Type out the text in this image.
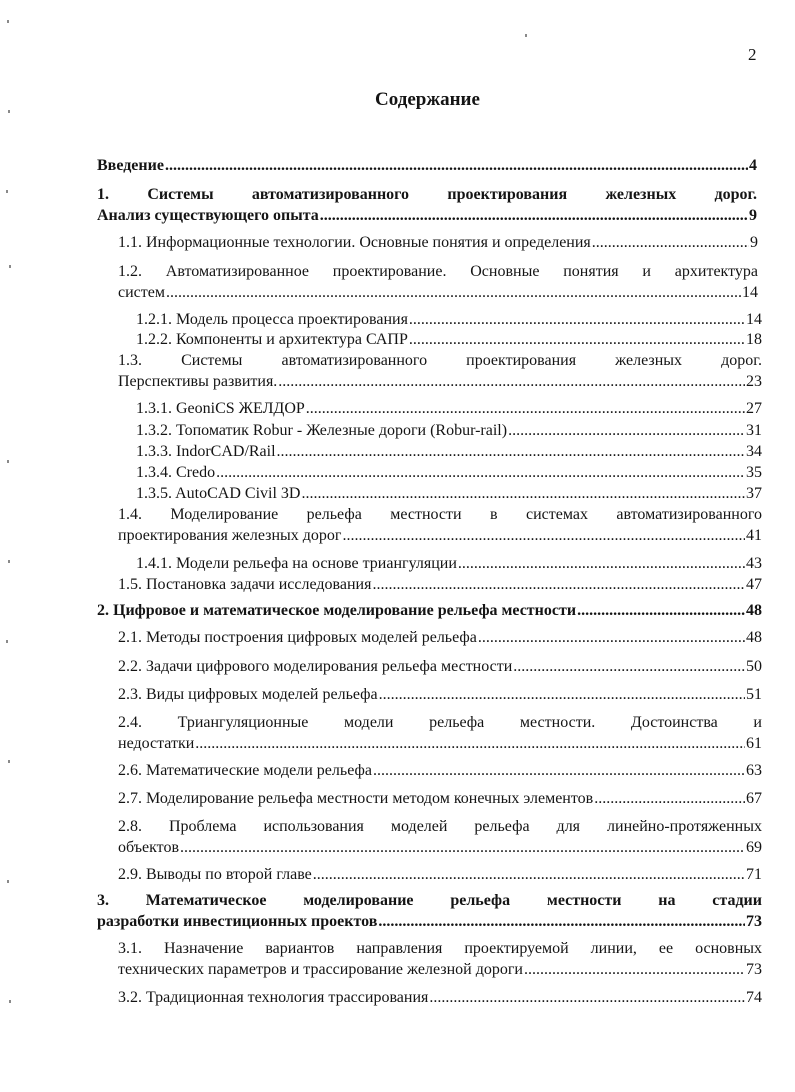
2
Содержание
Введение .....	4
1. Системы автоматизированного проектирования железных дорог.
Анализ существующего опыта .....	9
1.1. Информационные технологии. Основные понятия и определения .....	9
1.2. Автоматизированное проектирование. Основные понятия и архитектура
систем .....	14
1.2.1. Модель процесса проектирования .....	14
1.2.2. Компоненты и архитектура САПР .....	18
1.3. Системы автоматизированного проектирования железных дорог.
Перспективы развития. .....	23
1.3.1. GeoniCS ЖЕЛДОР .....	27
1.3.2. Топоматик Robur - Железные дороги (Robur-rail) .....	31
1.3.3. IndorCAD/Rail .....	34
1.3.4. Credo .....	35
1.3.5. AutoCAD Civil 3D .....	37
1.4. Моделирование рельефа местности в системах автоматизированного
проектирования железных дорог .....	41
1.4.1. Модели рельефа на основе триангуляции .....	43
1.5. Постановка задачи исследования .....	47
2. Цифровое и математическое моделирование рельефа местности .....	48
2.1. Методы построения цифровых моделей рельефа .....	48
2.2. Задачи цифрового моделирования рельефа местности .....	50
2.3. Виды цифровых моделей рельефа .....	51
2.4. Триангуляционные модели рельефа местности. Достоинства и
недостатки .....	61
2.6. Математические модели рельефа .....	63
2.7. Моделирование рельефа местности методом конечных элементов .....	67
2.8. Проблема использования моделей рельефа для линейно-протяженных
объектов .....	69
2.9. Выводы по второй главе .....	71
3. Математическое моделирование рельефа местности на стадии
разработки инвестиционных проектов .....	73
3.1. Назначение вариантов направления проектируемой линии, ее основных
технических параметров и трассирование железной дороги .....	73
3.2. Традиционная технология трассирования .....	74
